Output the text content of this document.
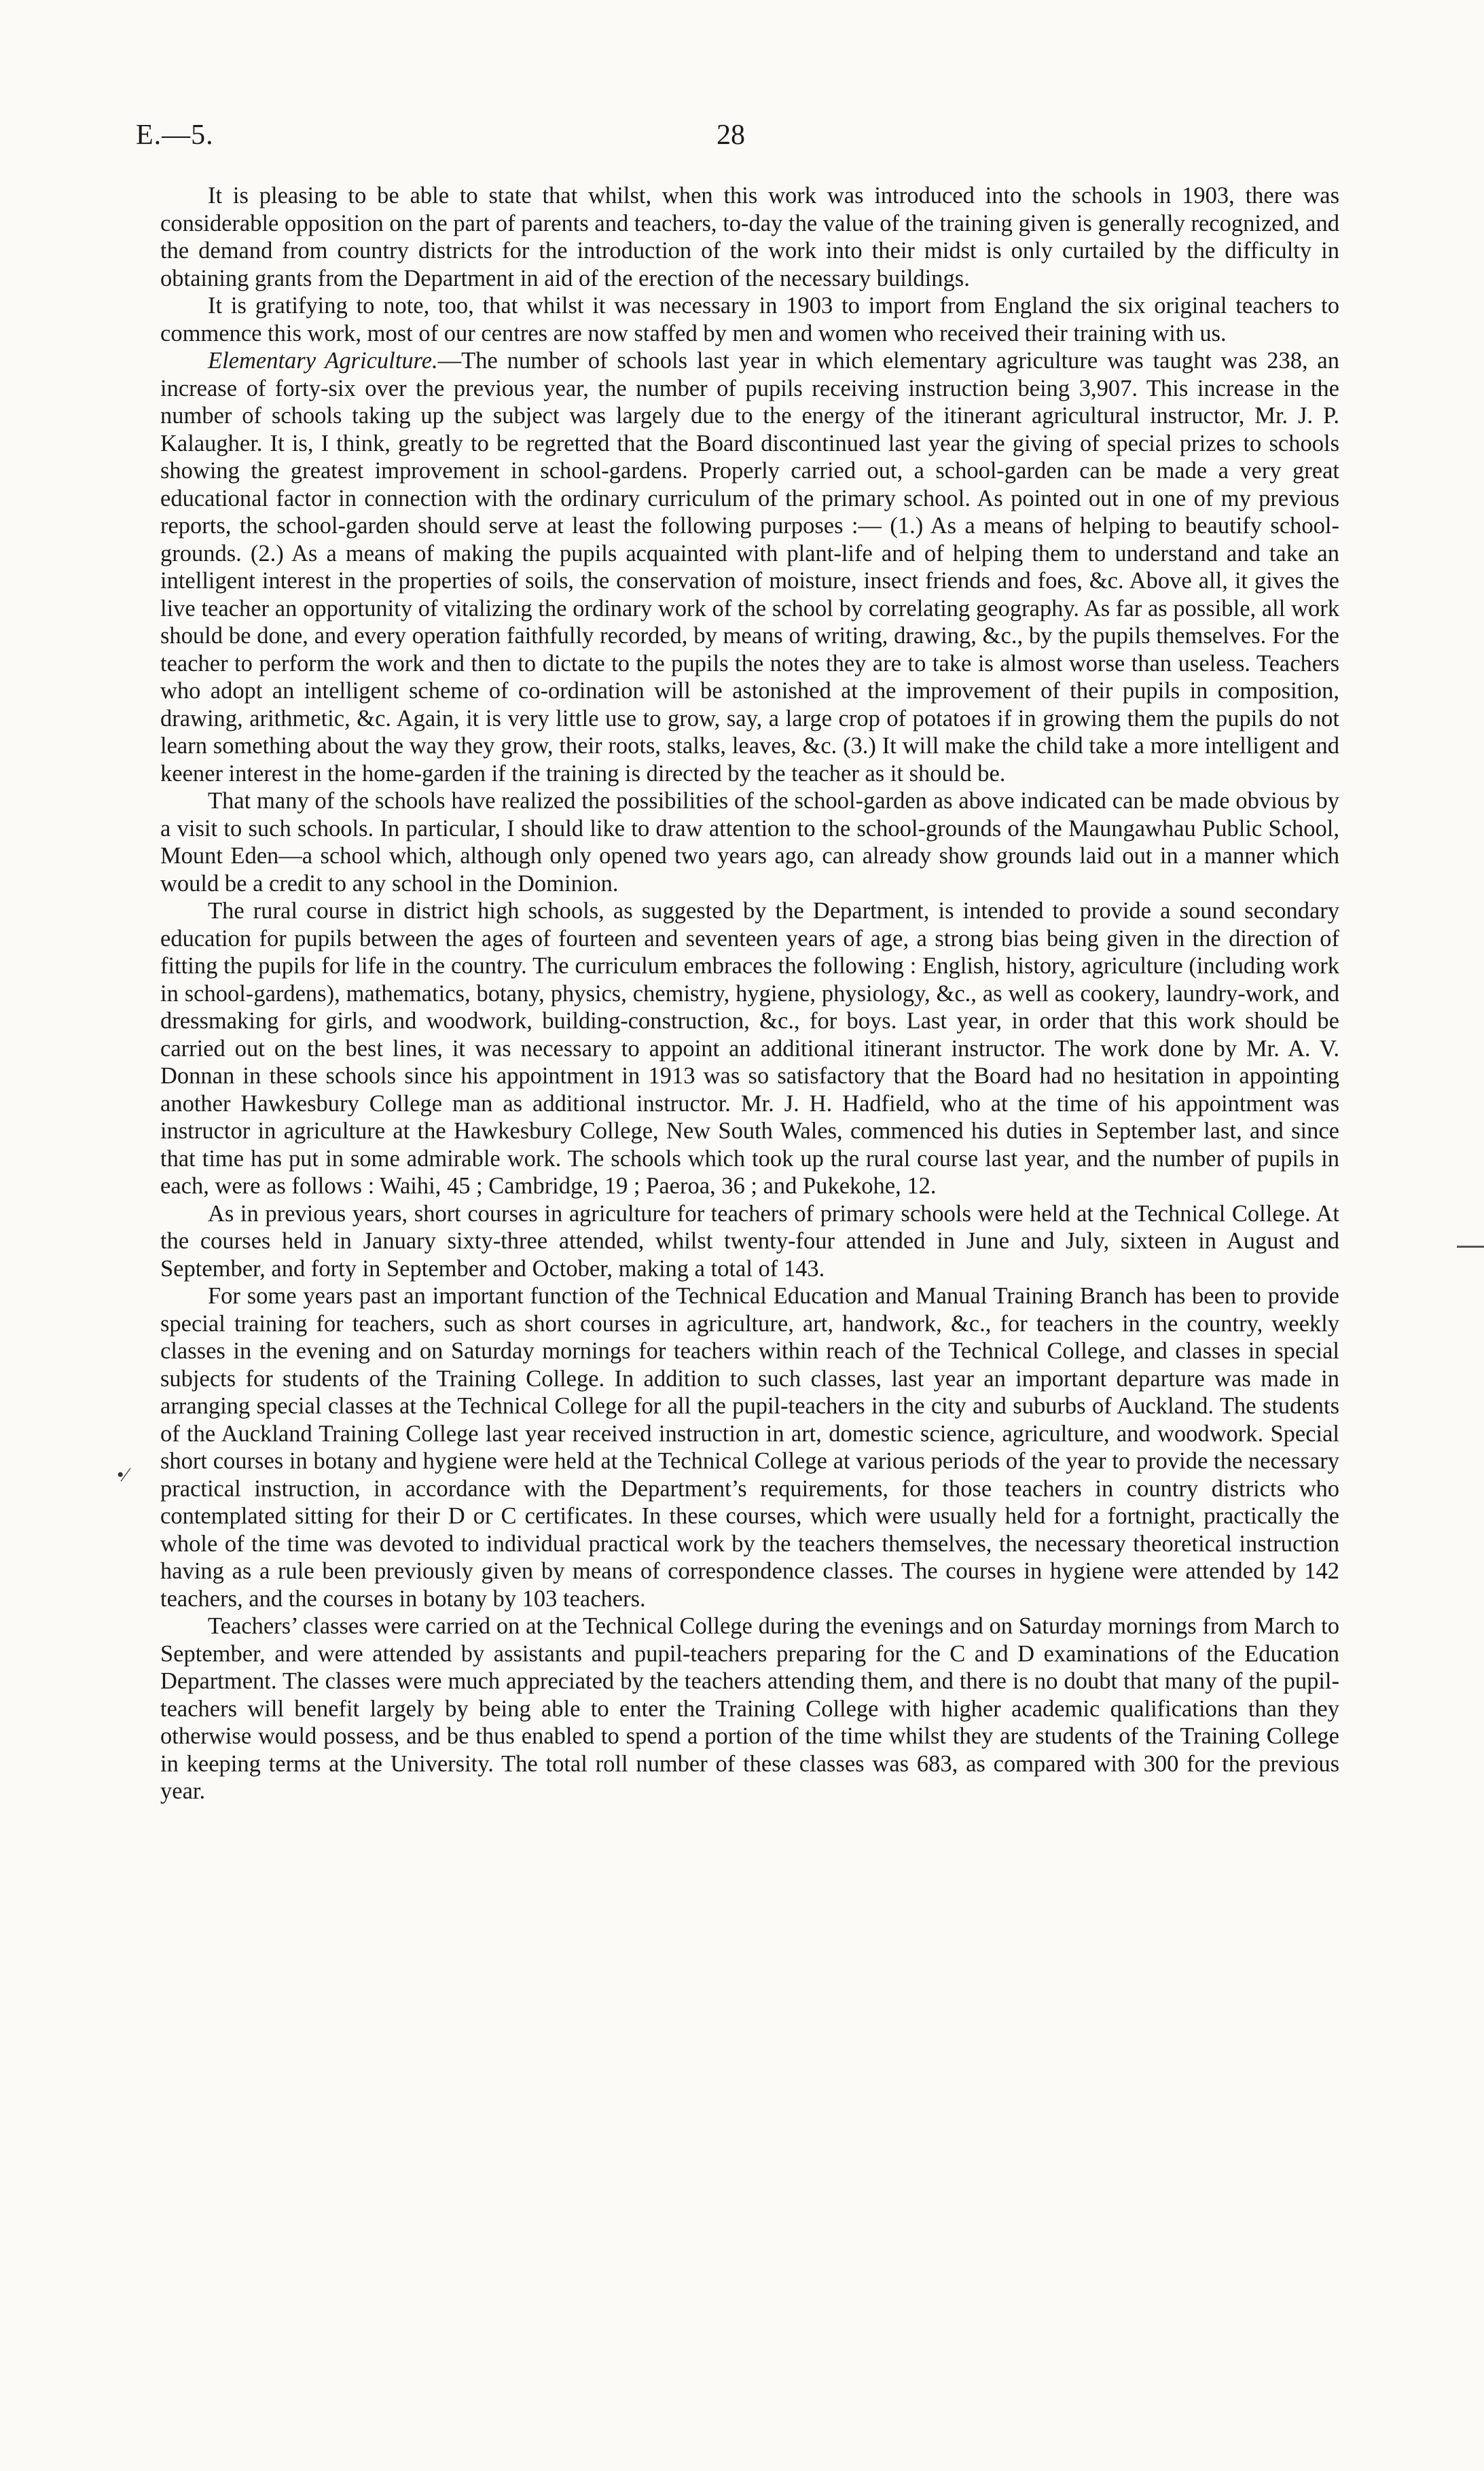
E.—5.	28

It is pleasing to be able to state that whilst, when this work was introduced into the schools in 1903, there was considerable opposition on the part of parents and teachers, to-day the value of the training given is generally recognized, and the demand from country districts for the introduction of the work into their midst is only curtailed by the difficulty in obtaining grants from the Department in aid of the erection of the necessary buildings.

It is gratifying to note, too, that whilst it was necessary in 1903 to import from England the six original teachers to commence this work, most of our centres are now staffed by men and women who received their training with us.

Elementary Agriculture.—The number of schools last year in which elementary agriculture was taught was 238, an increase of forty-six over the previous year, the number of pupils receiving instruction being 3,907. This increase in the number of schools taking up the subject was largely due to the energy of the itinerant agricultural instructor, Mr. J. P. Kalaugher. It is, I think, greatly to be regretted that the Board discontinued last year the giving of special prizes to schools showing the greatest improvement in school-gardens. Properly carried out, a school-garden can be made a very great educational factor in connection with the ordinary curriculum of the primary school. As pointed out in one of my previous reports, the school-garden should serve at least the following purposes :— (1.) As a means of helping to beautify school-grounds. (2.) As a means of making the pupils acquainted with plant-life and of helping them to understand and take an intelligent interest in the properties of soils, the conservation of moisture, insect friends and foes, &c. Above all, it gives the live teacher an opportunity of vitalizing the ordinary work of the school by correlating geography. As far as possible, all work should be done, and every operation faithfully recorded, by means of writing, drawing, &c., by the pupils themselves. For the teacher to perform the work and then to dictate to the pupils the notes they are to take is almost worse than useless. Teachers who adopt an intelligent scheme of co-ordination will be astonished at the improvement of their pupils in composition, drawing, arithmetic, &c. Again, it is very little use to grow, say, a large crop of potatoes if in growing them the pupils do not learn something about the way they grow, their roots, stalks, leaves, &c. (3.) It will make the child take a more intelligent and keener interest in the home-garden if the training is directed by the teacher as it should be.

That many of the schools have realized the possibilities of the school-garden as above indicated can be made obvious by a visit to such schools. In particular, I should like to draw attention to the school-grounds of the Maungawhau Public School, Mount Eden—a school which, although only opened two years ago, can already show grounds laid out in a manner which would be a credit to any school in the Dominion.

The rural course in district high schools, as suggested by the Department, is intended to provide a sound secondary education for pupils between the ages of fourteen and seventeen years of age, a strong bias being given in the direction of fitting the pupils for life in the country. The curriculum embraces the following : English, history, agriculture (including work in school-gardens), mathematics, botany, physics, chemistry, hygiene, physiology, &c., as well as cookery, laundry-work, and dressmaking for girls, and woodwork, building-construction, &c., for boys. Last year, in order that this work should be carried out on the best lines, it was necessary to appoint an additional itinerant instructor. The work done by Mr. A. V. Donnan in these schools since his appointment in 1913 was so satisfactory that the Board had no hesitation in appointing another Hawkesbury College man as additional instructor. Mr. J. H. Hadfield, who at the time of his appointment was instructor in agriculture at the Hawkesbury College, New South Wales, commenced his duties in September last, and since that time has put in some admirable work. The schools which took up the rural course last year, and the number of pupils in each, were as follows : Waihi, 45 ; Cambridge, 19 ; Paeroa, 36 ; and Pukekohe, 12.

As in previous years, short courses in agriculture for teachers of primary schools were held at the Technical College. At the courses held in January sixty-three attended, whilst twenty-four attended in June and July, sixteen in August and September, and forty in September and October, making a total of 143.

For some years past an important function of the Technical Education and Manual Training Branch has been to provide special training for teachers, such as short courses in agriculture, art, handwork, &c., for teachers in the country, weekly classes in the evening and on Saturday mornings for teachers within reach of the Technical College, and classes in special subjects for students of the Training College. In addition to such classes, last year an important departure was made in arranging special classes at the Technical College for all the pupil-teachers in the city and suburbs of Auckland. The students of the Auckland Training College last year received instruction in art, domestic science, agriculture, and woodwork. Special short courses in botany and hygiene were held at the Technical College at various periods of the year to provide the necessary practical instruction, in accordance with the Department’s requirements, for those teachers in country districts who contemplated sitting for their D or C certificates. In these courses, which were usually held for a fortnight, practically the whole of the time was devoted to individual practical work by the teachers themselves, the necessary theoretical instruction having as a rule been previously given by means of correspondence classes. The courses in hygiene were attended by 142 teachers, and the courses in botany by 103 teachers.

Teachers’ classes were carried on at the Technical College during the evenings and on Saturday mornings from March to September, and were attended by assistants and pupil-teachers preparing for the C and D examinations of the Education Department. The classes were much appreciated by the teachers attending them, and there is no doubt that many of the pupil-teachers will benefit largely by being able to enter the Training College with higher academic qualifications than they otherwise would possess, and be thus enabled to spend a portion of the time whilst they are students of the Training College in keeping terms at the University. The total roll number of these classes was 683, as compared with 300 for the previous year.

•⁄
